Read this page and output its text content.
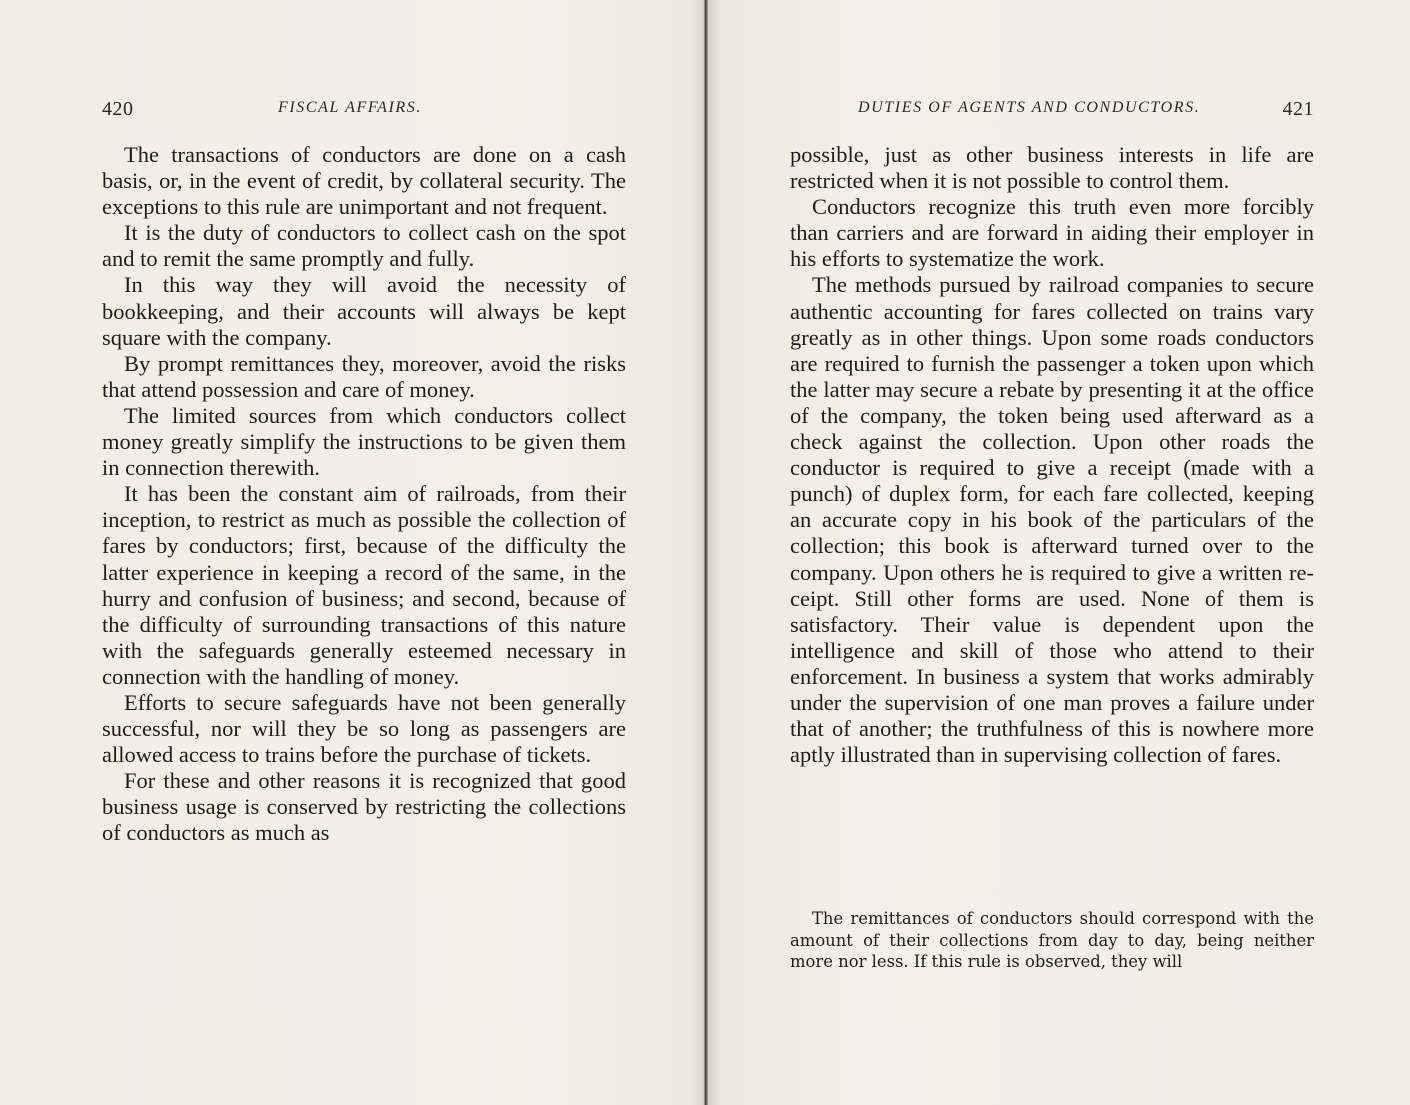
420	FISCAL AFFAIRS.

The transactions of conductors are done on a cash basis, or, in the event of credit, by collateral security. The exceptions to this rule are unimportant and not frequent.

It is the duty of conductors to collect cash on the spot and to remit the same promptly and fully.

In this way they will avoid the necessity of bookkeeping, and their accounts will always be kept square with the company.

By prompt remittances they, moreover, avoid the risks that attend possession and care of money.

The limited sources from which conductors collect money greatly simplify the instructions to be given them in connection therewith.

It has been the constant aim of railroads, from their inception, to restrict as much as possible the collection of fares by conductors; first, because of the difficulty the latter experience in keeping a record of the same, in the hurry and confusion of business; and second, because of the difficulty of surrounding transactions of this nature with the safeguards generally esteemed necessary in connection with the handling of money.

Efforts to secure safeguards have not been generally successful, nor will they be so long as passengers are allowed access to trains before the purchase of tickets.

For these and other reasons it is recognized that good business usage is conserved by restricting the collections of conductors as much as

DUTIES OF AGENTS AND CONDUCTORS.	421

possible, just as other business interests in life are restricted when it is not possible to control them.

Conductors recognize this truth even more forcibly than carriers and are forward in aiding their employer in his efforts to systematize the work.

The methods pursued by railroad companies to secure authentic accounting for fares collected on trains vary greatly as in other things. Upon some roads conductors are required to furnish the passenger a token upon which the latter may secure a rebate by presenting it at the office of the company, the token being used afterward as a check against the collection. Upon other roads the conductor is required to give a receipt (made with a punch) of duplex form, for each fare collected, keeping an accurate copy in his book of the particulars of the collection; this book is afterward turned over to the company. Upon others he is required to give a written receipt. Still other forms are used. None of them is satisfactory. Their value is dependent upon the intelligence and skill of those who attend to their enforcement. In business a system that works admirably under the supervision of one man proves a failure under that of another; the truthfulness of this is nowhere more aptly illustrated than in supervising collection of fares.

The remittances of conductors should correspond with the amount of their collections from day to day, being neither more nor less. If this rule is observed, they will
